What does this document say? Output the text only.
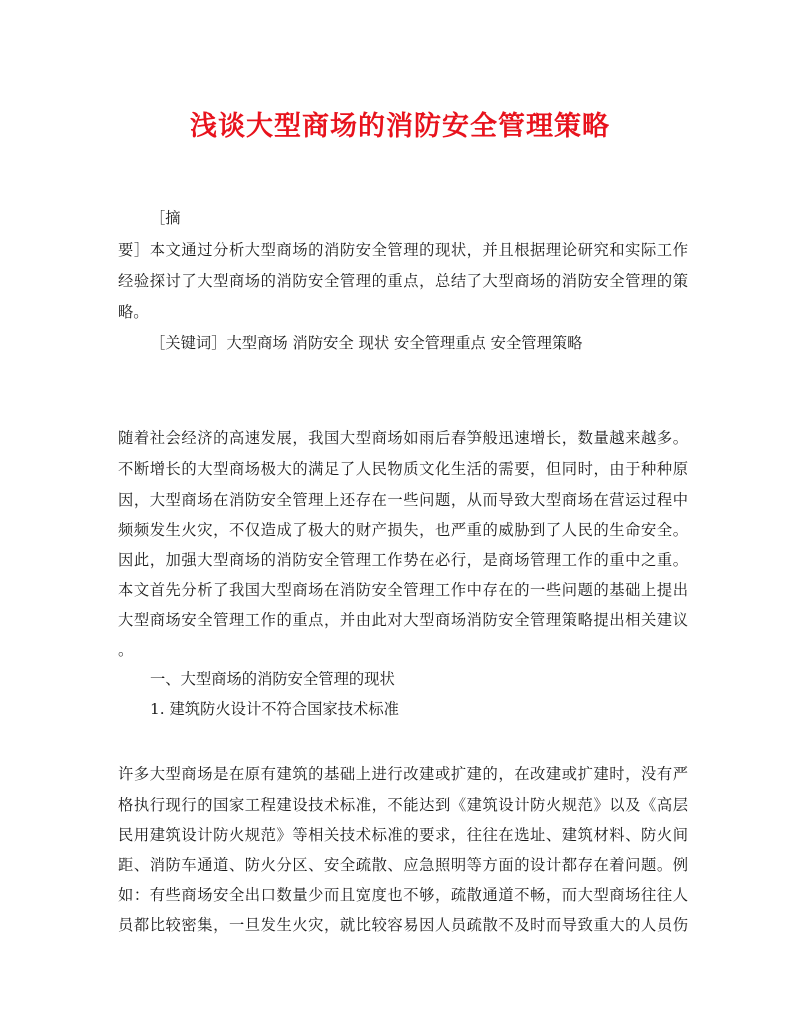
浅谈大型商场的消防安全管理策略

［摘

要］本文通过分析大型商场的消防安全管理的现状，并且根据理论研究和实际工作

经验探讨了大型商场的消防安全管理的重点，总结了大型商场的消防安全管理的策

略。

［关键词］大型商场 消防安全 现状 安全管理重点 安全管理策略

随着社会经济的高速发展，我国大型商场如雨后春笋般迅速增长，数量越来越多。

不断增长的大型商场极大的满足了人民物质文化生活的需要，但同时，由于种种原

因，大型商场在消防安全管理上还存在一些问题，从而导致大型商场在营运过程中

频频发生火灾，不仅造成了极大的财产损失，也严重的威胁到了人民的生命安全。

因此，加强大型商场的消防安全管理工作势在必行，是商场管理工作的重中之重。

本文首先分析了我国大型商场在消防安全管理工作中存在的一些问题的基础上提出

大型商场安全管理工作的重点，并由此对大型商场消防安全管理策略提出相关建议

。

一、大型商场的消防安全管理的现状

1. 建筑防火设计不符合国家技术标准

许多大型商场是在原有建筑的基础上进行改建或扩建的，在改建或扩建时，没有严

格执行现行的国家工程建设技术标准，不能达到《建筑设计防火规范》以及《高层

民用建筑设计防火规范》等相关技术标准的要求，往往在选址、建筑材料、防火间

距、消防车通道、防火分区、安全疏散、应急照明等方面的设计都存在着问题。例

如：有些商场安全出口数量少而且宽度也不够，疏散通道不畅，而大型商场往往人

员都比较密集，一旦发生火灾，就比较容易因人员疏散不及时而导致重大的人员伤
